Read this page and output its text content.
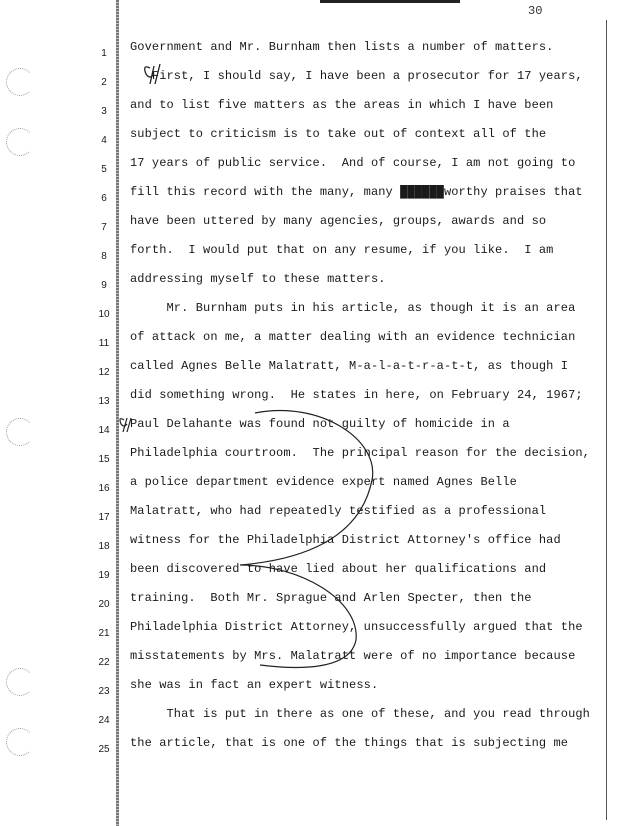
30
Government and Mr. Burnham then lists a number of matters.
1
First, I should say, I have been a prosecutor for 17 years,
2
and to list five matters as the areas in which I have been
3
subject to criticism is to take out of context all of the
4
17 years of public service.  And of course, I am not going to
5
fill this record with the many, many ██████worthy praises that
6
have been uttered by many agencies, groups, awards and so
7
forth.  I would put that on any resume, if you like.  I am
8
addressing myself to these matters.
9
Mr. Burnham puts in his article, as though it is an area
10
of attack on me, a matter dealing with an evidence technician
11
called Agnes Belle Malatratt, M-a-l-a-t-r-a-t-t, as though I
12
did something wrong.  He states in here, on February 24, 1967;
13
Paul Delahante was found not guilty of homicide in a
14
Philadelphia courtroom.  The principal reason for the decision,
15
a police department evidence expert named Agnes Belle
16
Malatratt, who had repeatedly testified as a professional
17
witness for the Philadelphia District Attorney's office had
18
been discovered to have lied about her qualifications and
19
training.  Both Mr. Sprague and Arlen Specter, then the
20
Philadelphia District Attorney, unsuccessfully argued that the
21
misstatements by Mrs. Malatratt were of no importance because
22
she was in fact an expert witness.
23
That is put in there as one of these, and you read through
24
the article, that is one of the things that is subjecting me
25
